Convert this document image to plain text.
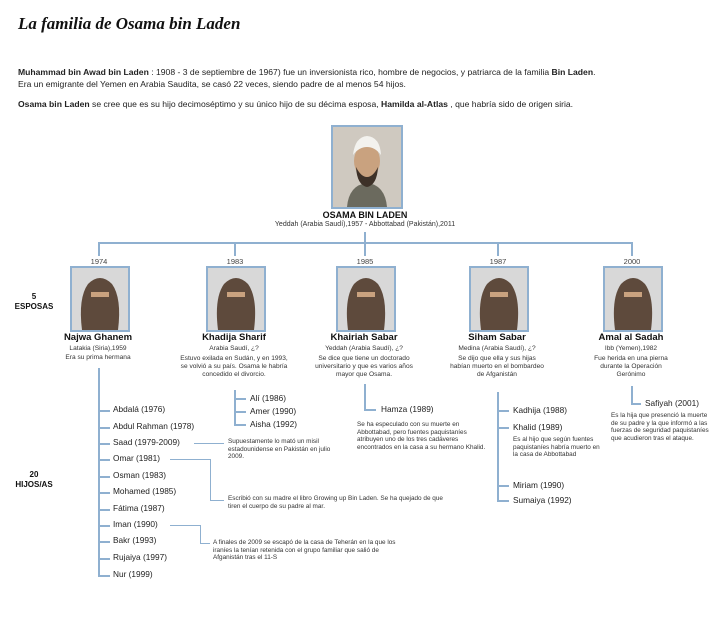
La familia de Osama bin Laden
Muhammad bin Awad bin Laden : 1908 - 3 de septiembre de 1967) fue un inversionista rico, hombre de negocios, y patriarca de la familia Bin Laden.
Era un emigrante del Yemen en Arabia Saudita, se casó 22 veces, siendo padre de al menos 54 hijos.
Osama bin Laden se cree que es su hijo decimoséptimo y su único hijo de su décima esposa, Hamilda al-Atlas , que habría sido de origen siria.
OSAMA BIN LADEN
Yeddah (Arabia Saudí),1957 - Abbottabad (Pakistán),2011
5
ESPOSAS
20
HIJOS/AS
1974
Najwa Ghanem
Latakia (Siria),1959
Era su prima hermana
1983
Khadija Sharif
Arabia Saudí, ¿?
Estuvo exilada en Sudán, y en 1993, se volvió a su país. Osama le habría concedido el divorcio.
1985
Khairiah Sabar
Yeddah (Arabia Saudí), ¿?
Se dice que tiene un doctorado universitario y que es varios años mayor que Osama.
1987
Siham Sabar
Medina (Arabia Saudí), ¿?
Se dijo que ella y sus hijas habían muerto en el bombardeo de Afganistán
2000
Amal al Sadah
Ibb (Yemen),1982
Fue herida en una pierna durante la Operación Gerónimo
Abdalá (1976)
Abdul Rahman (1978)
Saad (1979-2009)
Omar (1981)
Osman (1983)
Mohamed (1985)
Fátima (1987)
Iman (1990)
Bakr (1993)
Rujaiya (1997)
Nur (1999)
Supuestamente lo mató un misil estadounidense en Pakistán en julio 2009.
Escribió con su madre el libro Growing up Bin Laden. Se ha quejado de que tiren el cuerpo de su padre al mar.
A finales de 2009 se escapó de la casa de Teherán en la que los iraníes la tenían retenida con el grupo familiar que salió de Afganistán tras el 11-S
Alí (1986)
Amer (1990)
Aisha (1992)
Hamza (1989)
Se ha especulado con su muerte en Abbottabad, pero fuentes paquistaníes atribuyen uno de los tres cadáveres encontrados en la casa a su hermano Khalid.
Kadhija (1988)
Khalid (1989)
Es al hijo que según fuentes paquistaníes habría muerto en la casa de Abbottabad
Miriam (1990)
Sumaiya (1992)
Safiyah (2001)
Es la hija que presenció la muerte de su padre y la que informó a las fuerzas de seguridad paquistaníes que acudieron tras el ataque.
